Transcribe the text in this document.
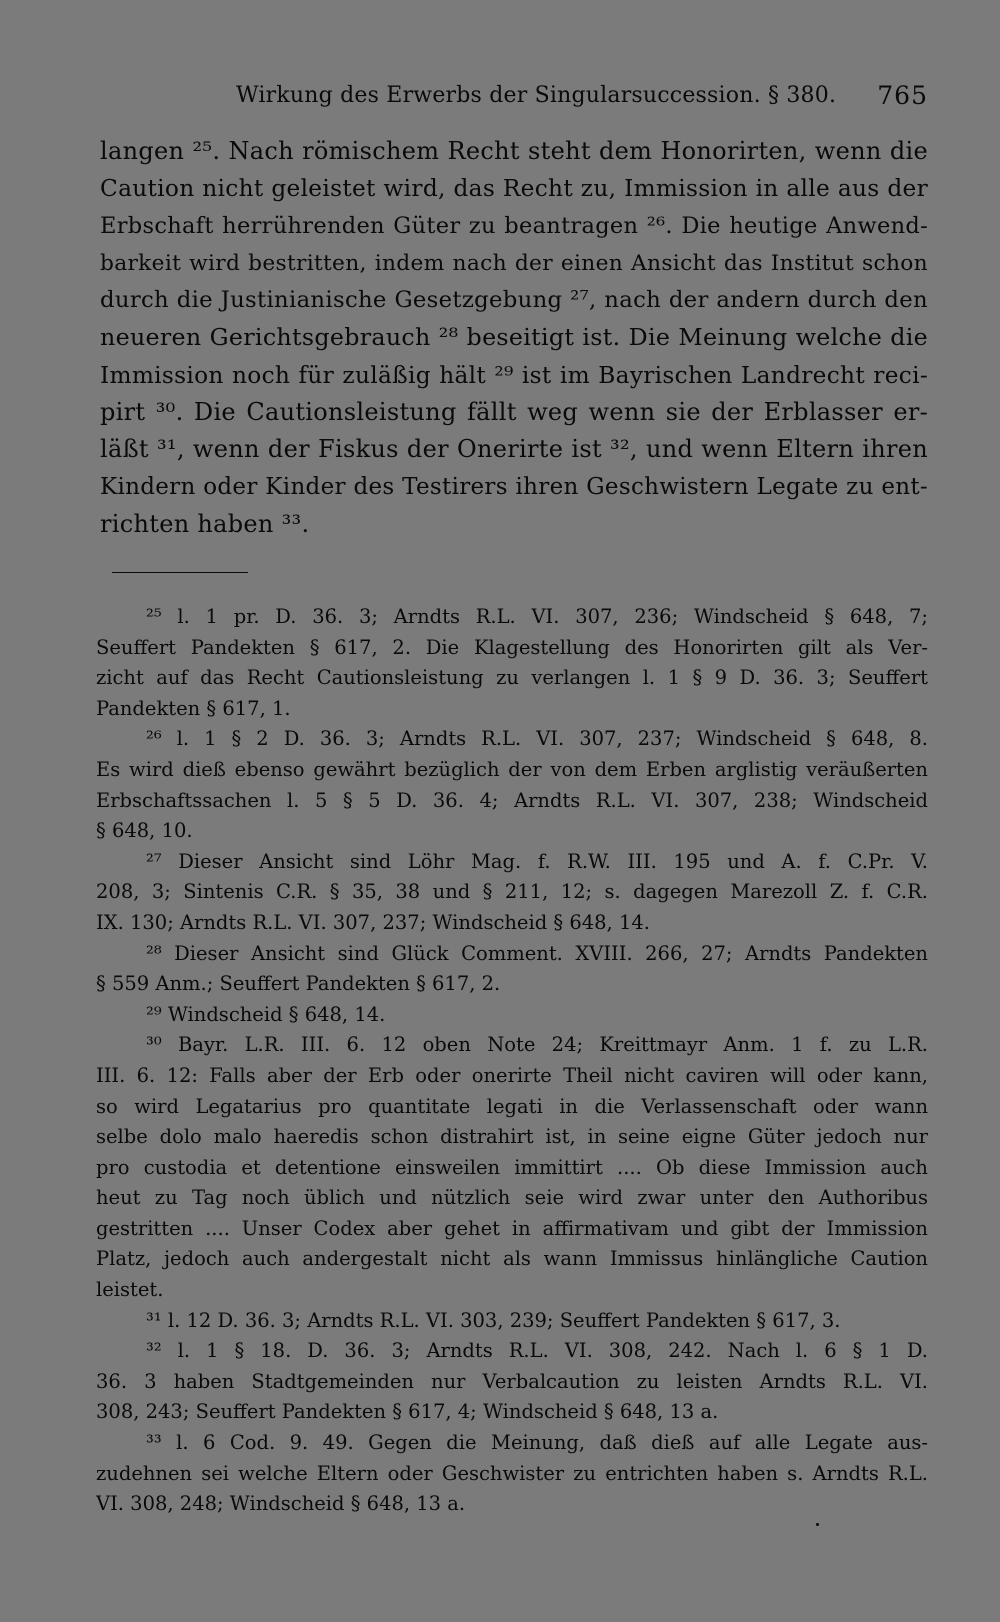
Wirkung des Erwerbs der Singularsuccession. § 380. 765
langen ²⁵. Nach römischem Recht steht dem Honorirten, wenn die
Caution nicht geleistet wird, das Recht zu, Immission in alle aus der
Erbschaft herrührenden Güter zu beantragen ²⁶. Die heutige Anwend-
barkeit wird bestritten, indem nach der einen Ansicht das Institut schon
durch die Justinianische Gesetzgebung ²⁷, nach der andern durch den
neueren Gerichtsgebrauch ²⁸ beseitigt ist. Die Meinung welche die
Immission noch für zuläßig hält ²⁹ ist im Bayrischen Landrecht reci-
pirt ³⁰. Die Cautionsleistung fällt weg wenn sie der Erblasser er-
läßt ³¹, wenn der Fiskus der Onerirte ist ³², und wenn Eltern ihren
Kindern oder Kinder des Testirers ihren Geschwistern Legate zu ent-
richten haben ³³.
²⁵ l. 1 pr. D. 36. 3; Arndts R.L. VI. 307, 236; Windscheid § 648, 7;
Seuffert Pandekten § 617, 2. Die Klagestellung des Honorirten gilt als Ver-
zicht auf das Recht Cautionsleistung zu verlangen l. 1 § 9 D. 36. 3; Seuffert
Pandekten § 617, 1.
²⁶ l. 1 § 2 D. 36. 3; Arndts R.L. VI. 307, 237; Windscheid § 648, 8.
Es wird dieß ebenso gewährt bezüglich der von dem Erben arglistig veräußerten
Erbschaftssachen l. 5 § 5 D. 36. 4; Arndts R.L. VI. 307, 238; Windscheid
§ 648, 10.
²⁷ Dieser Ansicht sind Löhr Mag. f. R.W. III. 195 und A. f. C.Pr. V.
208, 3; Sintenis C.R. § 35, 38 und § 211, 12; s. dagegen Marezoll Z. f. C.R.
IX. 130; Arndts R.L. VI. 307, 237; Windscheid § 648, 14.
²⁸ Dieser Ansicht sind Glück Comment. XVIII. 266, 27; Arndts Pandekten
§ 559 Anm.; Seuffert Pandekten § 617, 2.
²⁹ Windscheid § 648, 14.
³⁰ Bayr. L.R. III. 6. 12 oben Note 24; Kreittmayr Anm. 1 f. zu L.R.
III. 6. 12: Falls aber der Erb oder onerirte Theil nicht caviren will oder kann,
so wird Legatarius pro quantitate legati in die Verlassenschaft oder wann
selbe dolo malo haeredis schon distrahirt ist, in seine eigne Güter jedoch nur
pro custodia et detentione einsweilen immittirt .... Ob diese Immission auch
heut zu Tag noch üblich und nützlich seie wird zwar unter den Authoribus
gestritten .... Unser Codex aber gehet in affirmativam und gibt der Immission
Platz, jedoch auch andergestalt nicht als wann Immissus hinlängliche Caution
leistet.
³¹ l. 12 D. 36. 3; Arndts R.L. VI. 303, 239; Seuffert Pandekten § 617, 3.
³² l. 1 § 18. D. 36. 3; Arndts R.L. VI. 308, 242. Nach l. 6 § 1 D.
36. 3 haben Stadtgemeinden nur Verbalcaution zu leisten Arndts R.L. VI.
308, 243; Seuffert Pandekten § 617, 4; Windscheid § 648, 13 a.
³³ l. 6 Cod. 9. 49. Gegen die Meinung, daß dieß auf alle Legate aus-
zudehnen sei welche Eltern oder Geschwister zu entrichten haben s. Arndts R.L.
VI. 308, 248; Windscheid § 648, 13 a.
